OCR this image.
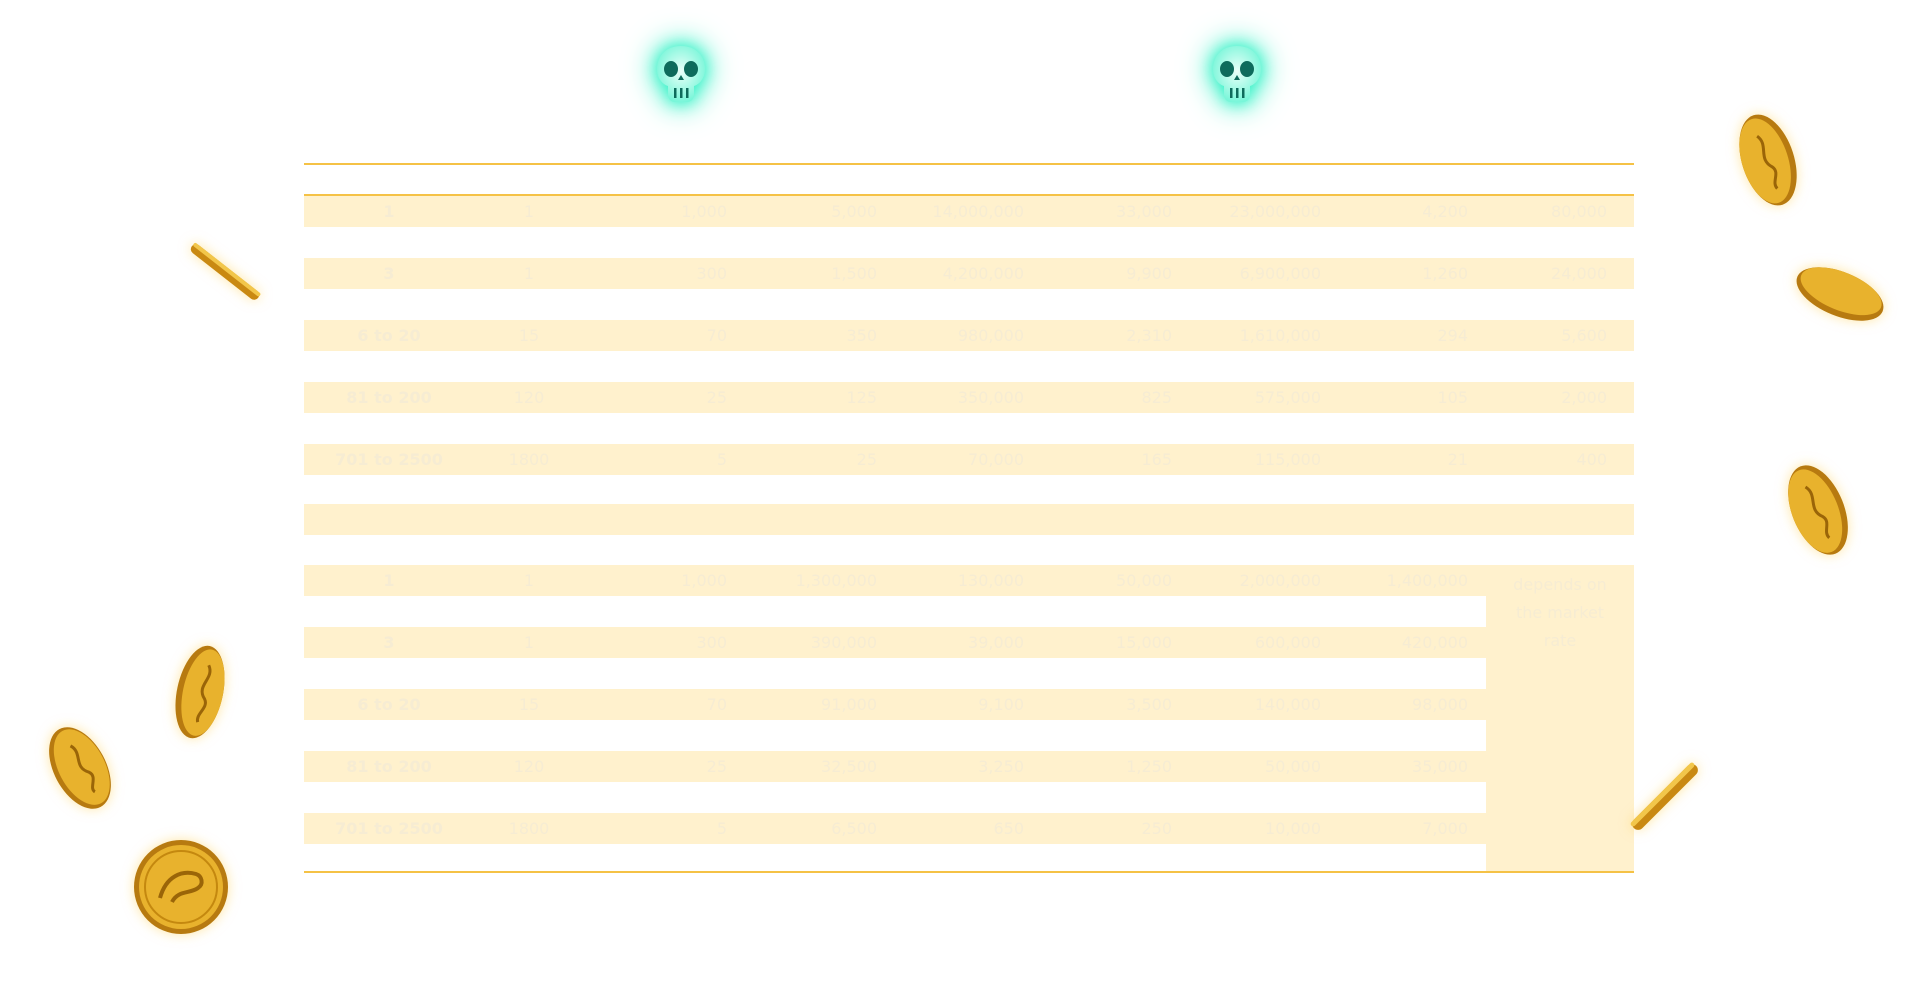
1	1	1,000	5,000	14,000,000	33,000	23,000,000	4,200	80,000
3	1	300	1,500	4,200,000	9,900	6,900,000	1,260	24,000
6 to 20	15	70	350	980,000	2,310	1,610,000	294	5,600
81 to 200	120	25	125	350,000	825	575,000	105	2,000
701 to 2500	1800	5	25	70,000	165	115,000	21	400
1	1	1,000	1,300,000	130,000	50,000	2,000,000	1,400,000
3	1	300	390,000	39,000	15,000	600,000	420,000
6 to 20	15	70	91,000	9,100	3,500	140,000	98,000
81 to 200	120	25	32,500	3,250	1,250	50,000	35,000
701 to 2500	1800	5	6,500	650	250	10,000	7,000
depends on
the market
rate
